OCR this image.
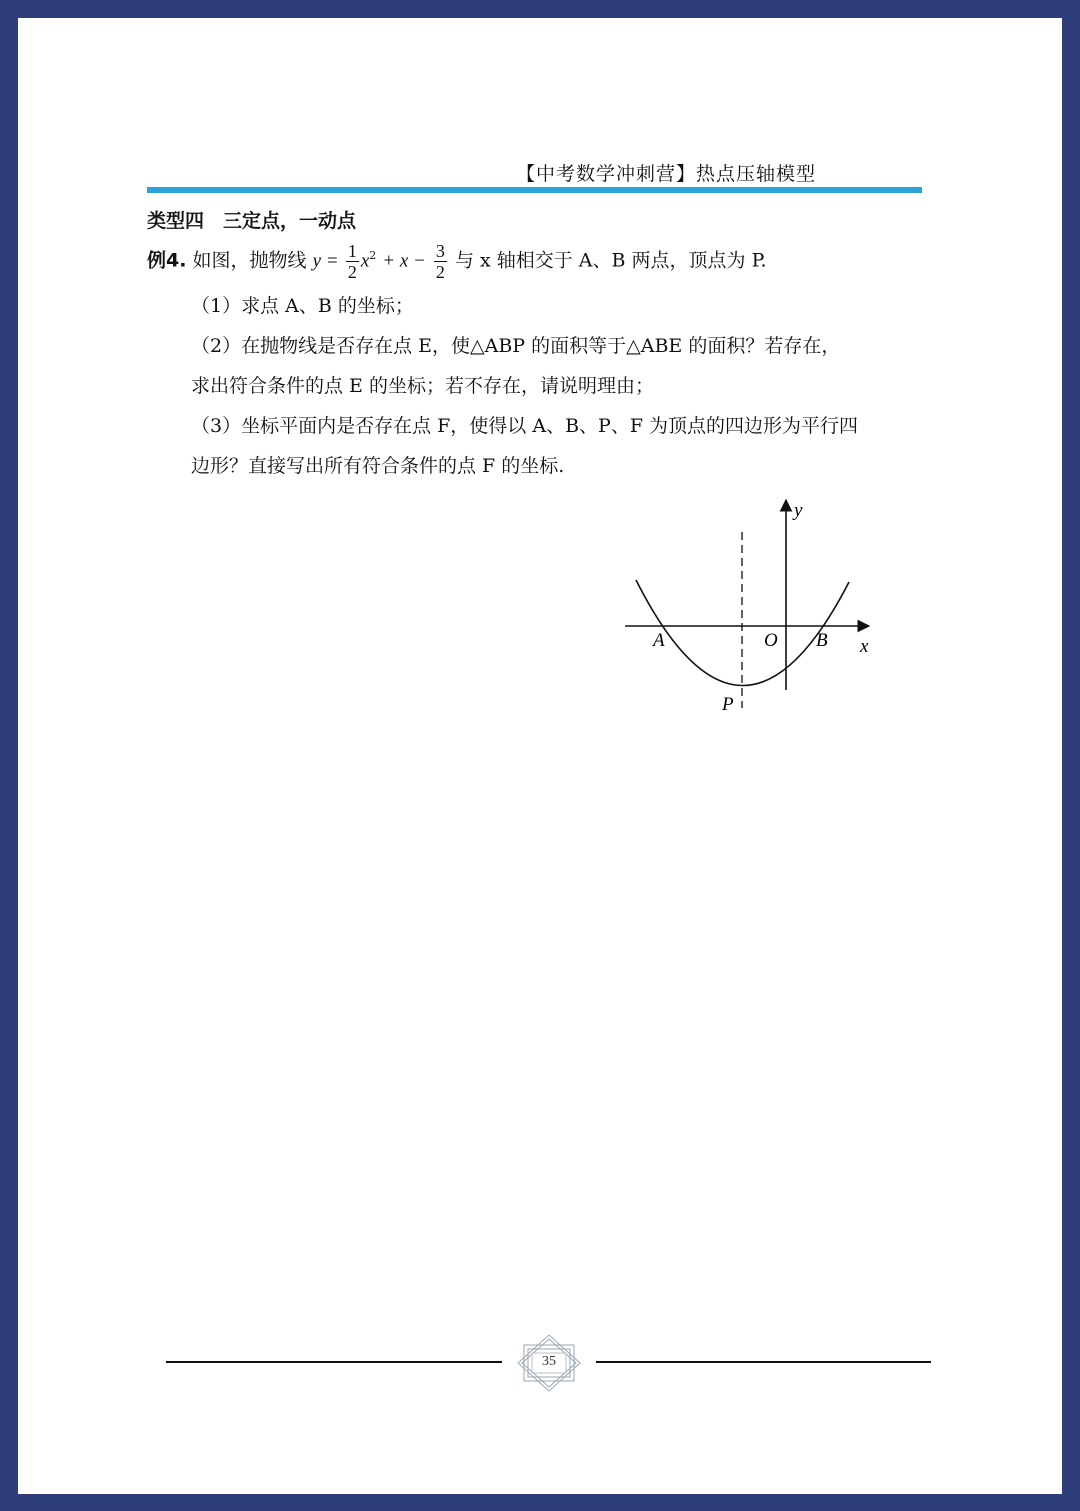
【中考数学冲刺营】热点压轴模型
类型四　三定点，一动点
例4. 如图，抛物线 $y = \frac{1}{2} x^2 + x - \frac{3}{2}$ 与 x 轴相交于 A、B 两点，顶点为 P.
（1）求点 A、B 的坐标；
（2）在抛物线是否存在点 E，使△ABP 的面积等于△ABE 的面积？若存在，
求出符合条件的点 E 的坐标；若不存在，请说明理由；
（3）坐标平面内是否存在点 F，使得以 A、B、P、F 为顶点的四边形为平行四
边形？直接写出所有符合条件的点 F 的坐标.
y
x
A	O B
P
35
